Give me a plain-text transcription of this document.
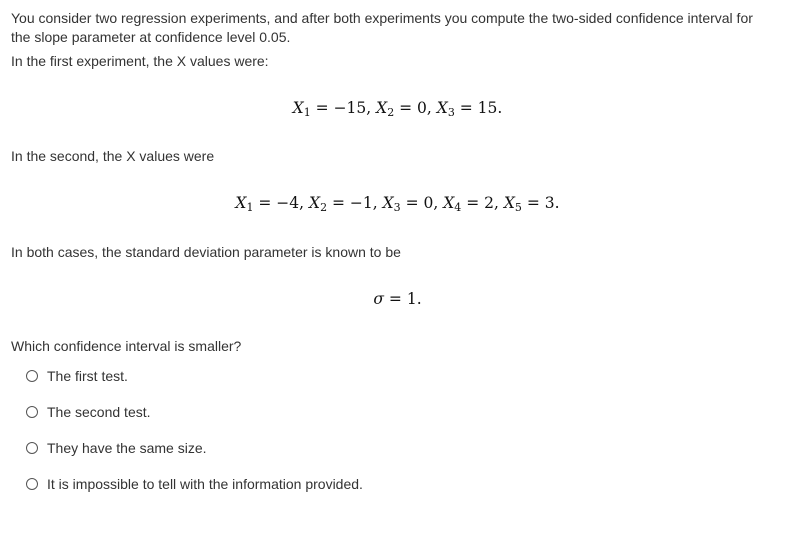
You consider two regression experiments, and after both experiments you compute the two-sided confidence interval for the slope parameter at confidence level 0.05.

In the first experiment, the X values were:

$X_1 = -15$, $X_2 = 0$, $X_3 = 15$.

In the second, the X values were

$X_1 = -4$, $X_2 = -1$, $X_3 = 0$, $X_4 = 2$, $X_5 = 3$.

In both cases, the standard deviation parameter is known to be

σ = 1.

Which confidence interval is smaller?

The first test.
The second test.
They have the same size.
It is impossible to tell with the information provided.
